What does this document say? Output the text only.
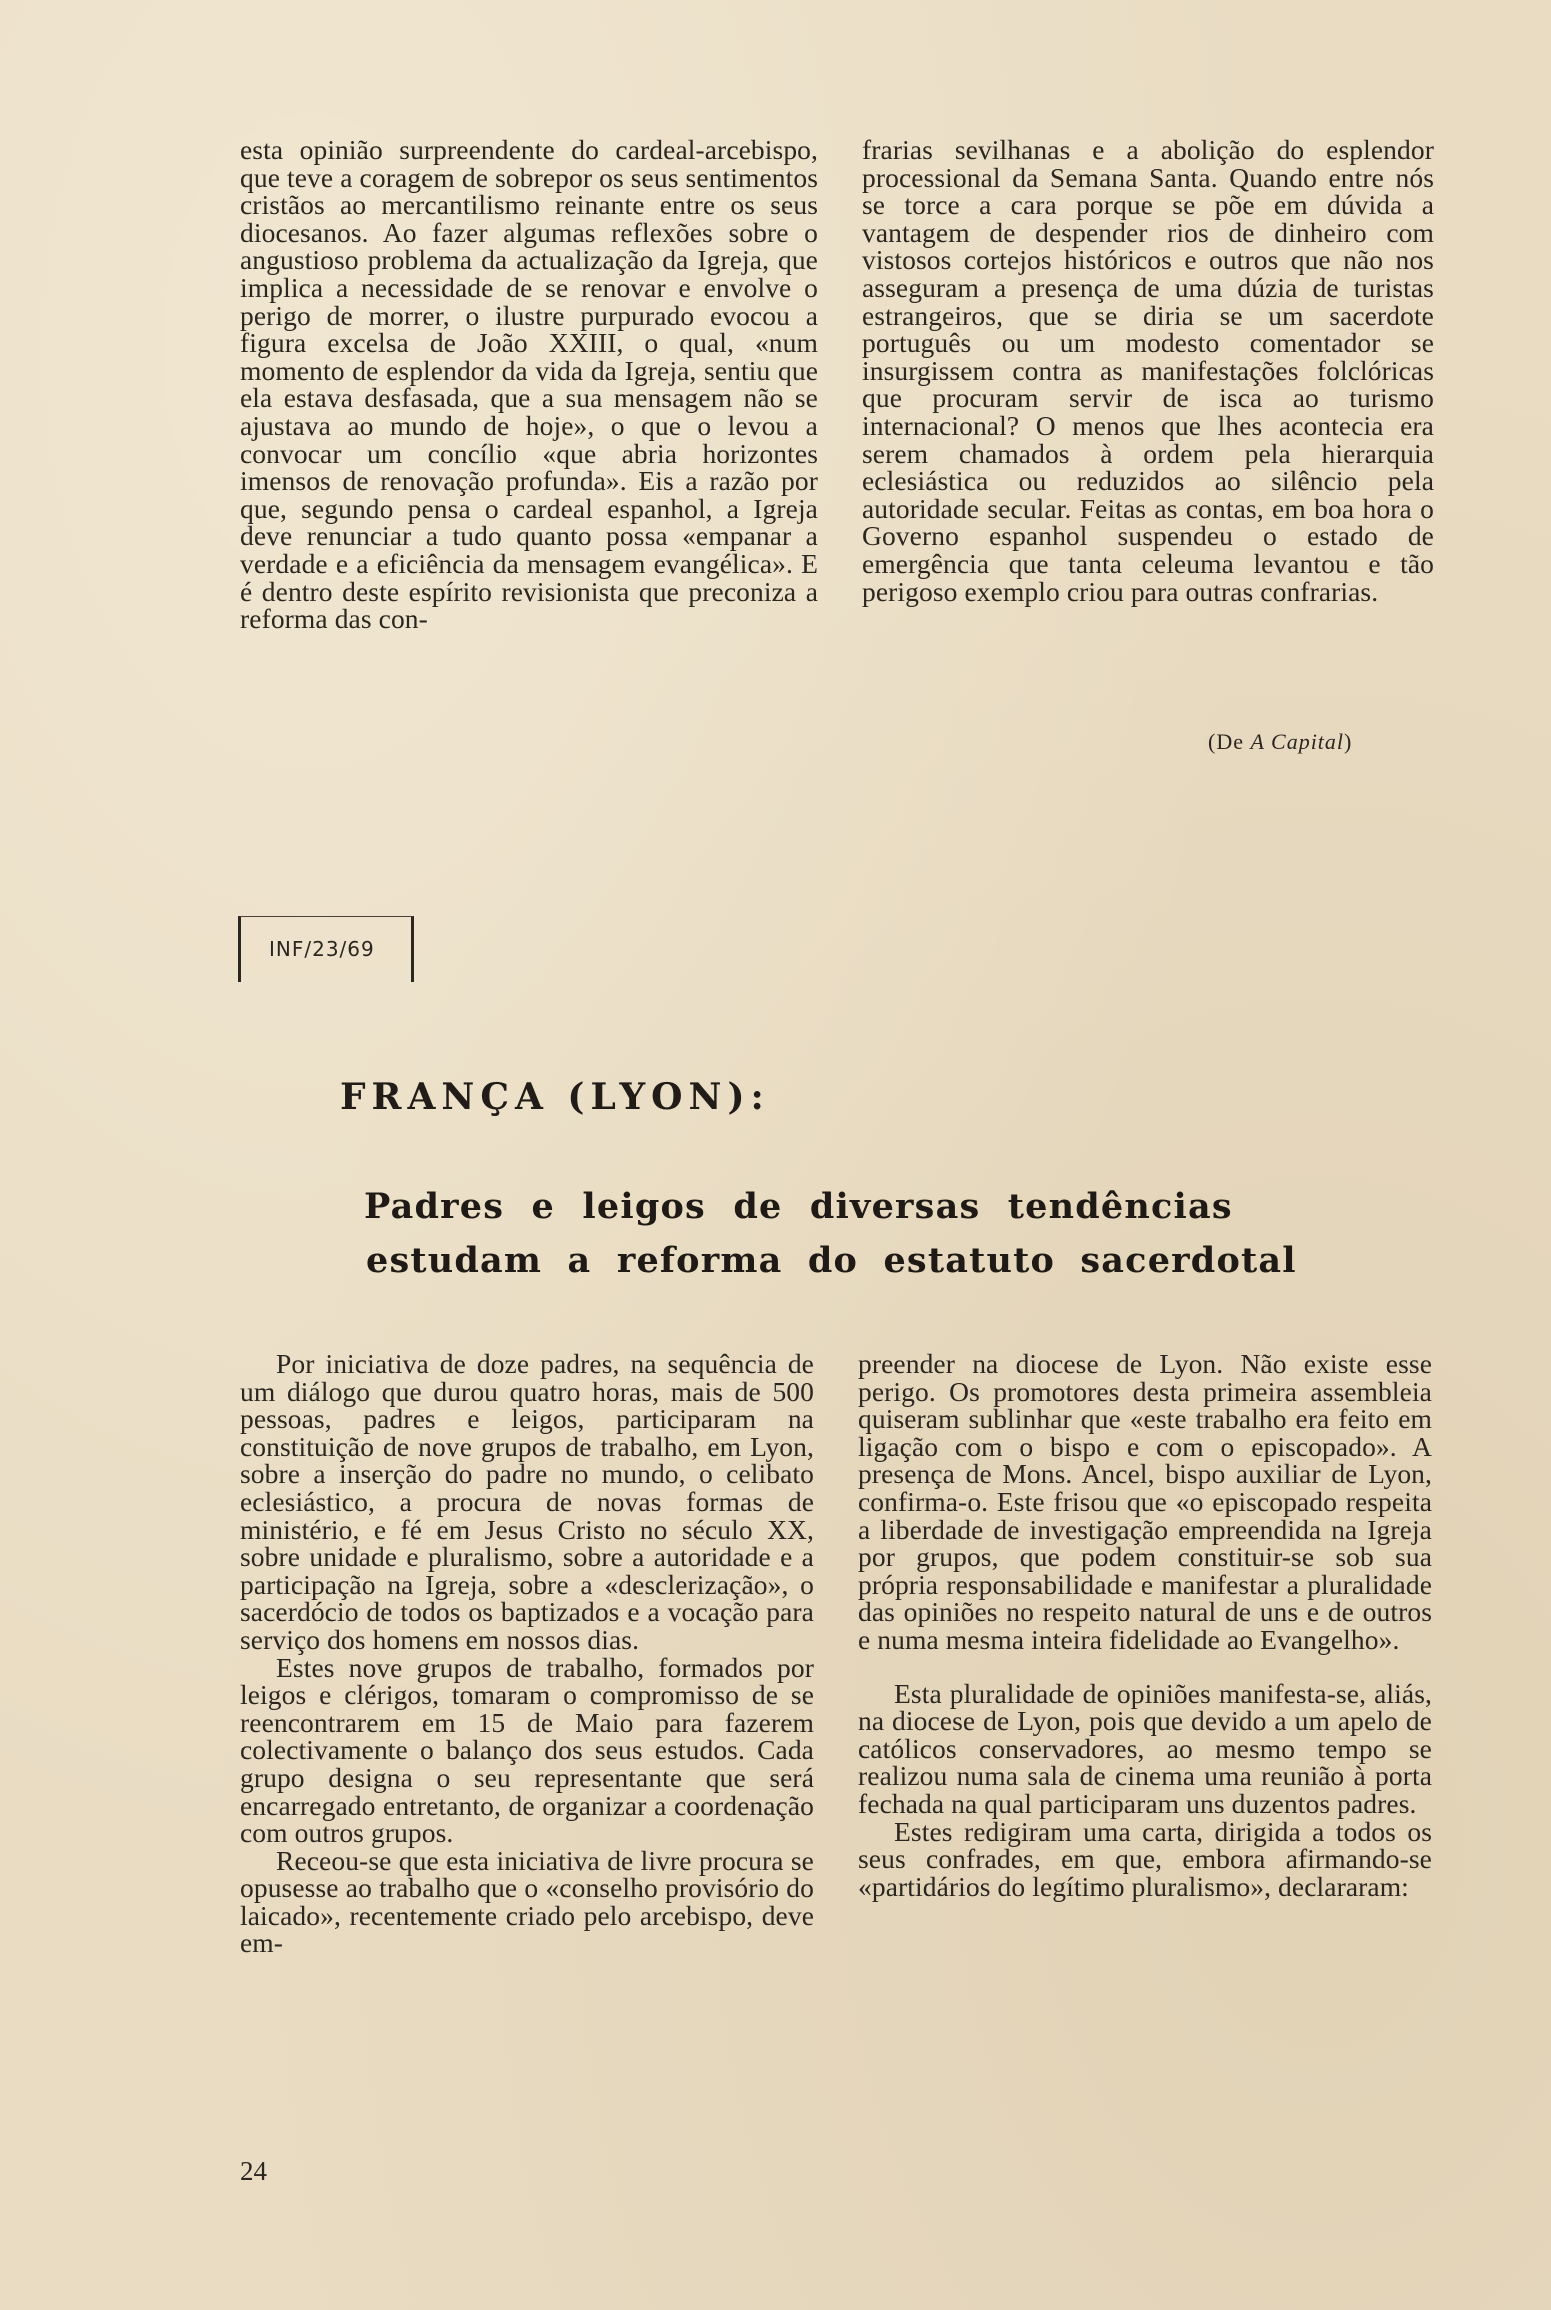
esta opinião surpreendente do cardeal-arcebispo, que teve a coragem de sobrepor os seus sentimentos cristãos ao mercantilismo reinante entre os seus diocesanos. Ao fazer algumas reflexões sobre o angustioso problema da actualização da Igreja, que implica a necessidade de se renovar e envolve o perigo de morrer, o ilustre purpurado evocou a figura excelsa de João XXIII, o qual, «num momento de esplendor da vida da Igreja, sentiu que ela estava desfasada, que a sua mensagem não se ajustava ao mundo de hoje», o que o levou a convocar um concílio «que abria horizontes imensos de renovação profunda». Eis a razão por que, segundo pensa o cardeal espanhol, a Igreja deve renunciar a tudo quanto possa «empanar a verdade e a eficiência da mensagem evangélica». E é dentro deste espírito revisionista que preconiza a reforma das con-

frarias sevilhanas e a abolição do esplendor processional da Semana Santa. Quando entre nós se torce a cara porque se põe em dúvida a vantagem de despender rios de dinheiro com vistosos cortejos históricos e outros que não nos asseguram a presença de uma dúzia de turistas estrangeiros, que se diria se um sacerdote português ou um modesto comentador se insurgissem contra as manifestações folclóricas que procuram servir de isca ao turismo internacional? O menos que lhes acontecia era serem chamados à ordem pela hierarquia eclesiástica ou reduzidos ao silêncio pela autoridade secular. Feitas as contas, em boa hora o Governo espanhol suspendeu o estado de emergência que tanta celeuma levantou e tão perigoso exemplo criou para outras confrarias.

(De A Capital)
INF/23/69
FRANÇA (LYON):
Padres e leigos de diversas tendências
estudam a reforma do estatuto sacerdotal

Por iniciativa de doze padres, na sequência de um diálogo que durou quatro horas, mais de 500 pessoas, padres e leigos, participaram na constituição de nove grupos de trabalho, em Lyon, sobre a inserção do padre no mundo, o celibato eclesiástico, a procura de novas formas de ministério, e fé em Jesus Cristo no século XX, sobre unidade e pluralismo, sobre a autoridade e a participação na Igreja, sobre a «desclerização», o sacerdócio de todos os baptizados e a vocação para serviço dos homens em nossos dias.

Estes nove grupos de trabalho, formados por leigos e clérigos, tomaram o compromisso de se reencontrarem em 15 de Maio para fazerem colectivamente o balanço dos seus estudos. Cada grupo designa o seu representante que será encarregado entretanto, de organizar a coordenação com outros grupos.

Receou-se que esta iniciativa de livre procura se opusesse ao trabalho que o «conselho provisório do laicado», recentemente criado pelo arcebispo, deve em-

preender na diocese de Lyon. Não existe esse perigo. Os promotores desta primeira assembleia quiseram sublinhar que «este trabalho era feito em ligação com o bispo e com o episcopado». A presença de Mons. Ancel, bispo auxiliar de Lyon, confirma-o. Este frisou que «o episcopado respeita a liberdade de investigação empreendida na Igreja por grupos, que podem constituir-se sob sua própria responsabilidade e manifestar a pluralidade das opiniões no respeito natural de uns e de outros e numa mesma inteira fidelidade ao Evangelho».

Esta pluralidade de opiniões manifesta-se, aliás, na diocese de Lyon, pois que devido a um apelo de católicos conservadores, ao mesmo tempo se realizou numa sala de cinema uma reunião à porta fechada na qual participaram uns duzentos padres.

Estes redigiram uma carta, dirigida a todos os seus confrades, em que, embora afirmando-se «partidários do legítimo pluralismo», declararam:

24
